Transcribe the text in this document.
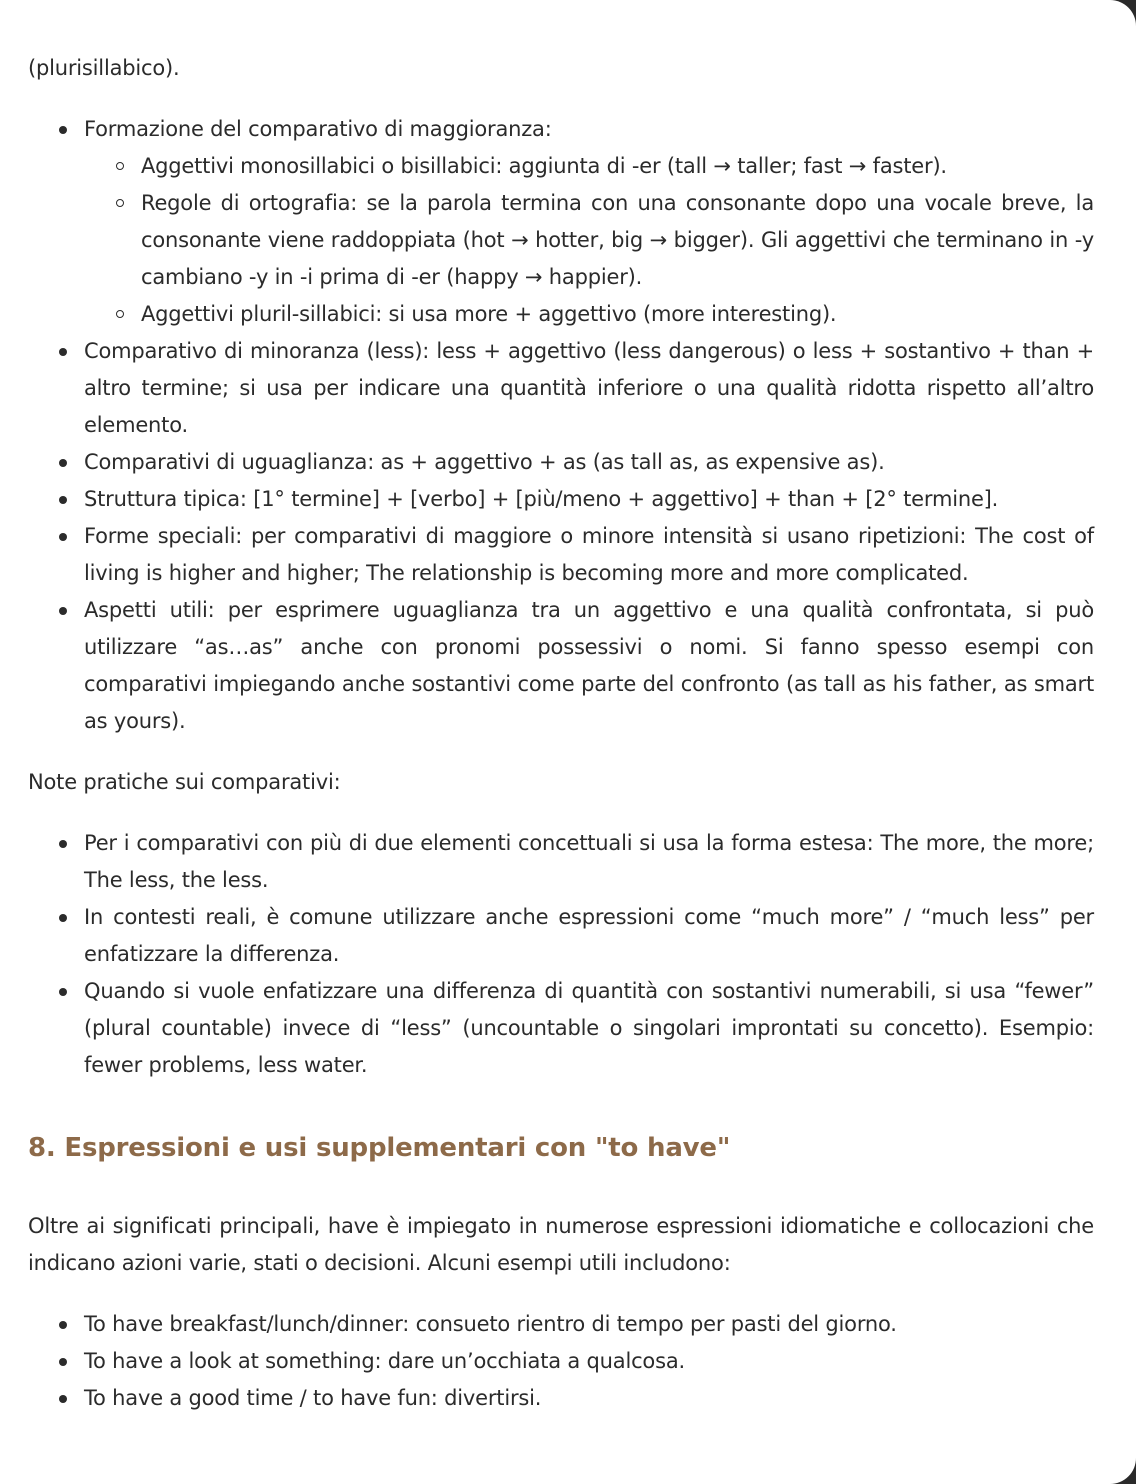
(plurisillabico).

Formazione del comparativo di maggioranza:
Aggettivi monosillabici o bisillabici: aggiunta di -er (tall → taller; fast → faster).
Regole di ortografia: se la parola termina con una consonante dopo una vocale breve, la consonante viene raddoppiata (hot → hotter, big → bigger). Gli aggettivi che terminano in -y cambiano -y in -i prima di -er (happy → happier).
Aggettivi pluril-sillabici: si usa more + aggettivo (more interesting).
Comparativo di minoranza (less): less + aggettivo (less dangerous) o less + sostantivo + than + altro termine; si usa per indicare una quantità inferiore o una qualità ridotta rispetto all’altro elemento.
Comparativi di uguaglianza: as + aggettivo + as (as tall as, as expensive as).
Struttura tipica: [1° termine] + [verbo] + [più/meno + aggettivo] + than + [2° termine].
Forme speciali: per comparativi di maggiore o minore intensità si usano ripetizioni: The cost of living is higher and higher; The relationship is becoming more and more complicated.
Aspetti utili: per esprimere uguaglianza tra un aggettivo e una qualità confrontata, si può utilizzare “as…as” anche con pronomi possessivi o nomi. Si fanno spesso esempi con comparativi impiegando anche sostantivi come parte del confronto (as tall as his father, as smart as yours).

Note pratiche sui comparativi:

Per i comparativi con più di due elementi concettuali si usa la forma estesa: The more, the more; The less, the less.
In contesti reali, è comune utilizzare anche espressioni come “much more” / “much less” per enfatizzare la differenza.
Quando si vuole enfatizzare una differenza di quantità con sostantivi numerabili, si usa “fewer” (plural countable) invece di “less” (uncountable o singolari improntati su concetto). Esempio: fewer problems, less water.
8. Espressioni e usi supplementari con "to have"

Oltre ai significati principali, have è impiegato in numerose espressioni idiomatiche e collocazioni che indicano azioni varie, stati o decisioni. Alcuni esempi utili includono:

To have breakfast/lunch/dinner: consueto rientro di tempo per pasti del giorno.
To have a look at something: dare un’occhiata a qualcosa.
To have a good time / to have fun: divertirsi.
